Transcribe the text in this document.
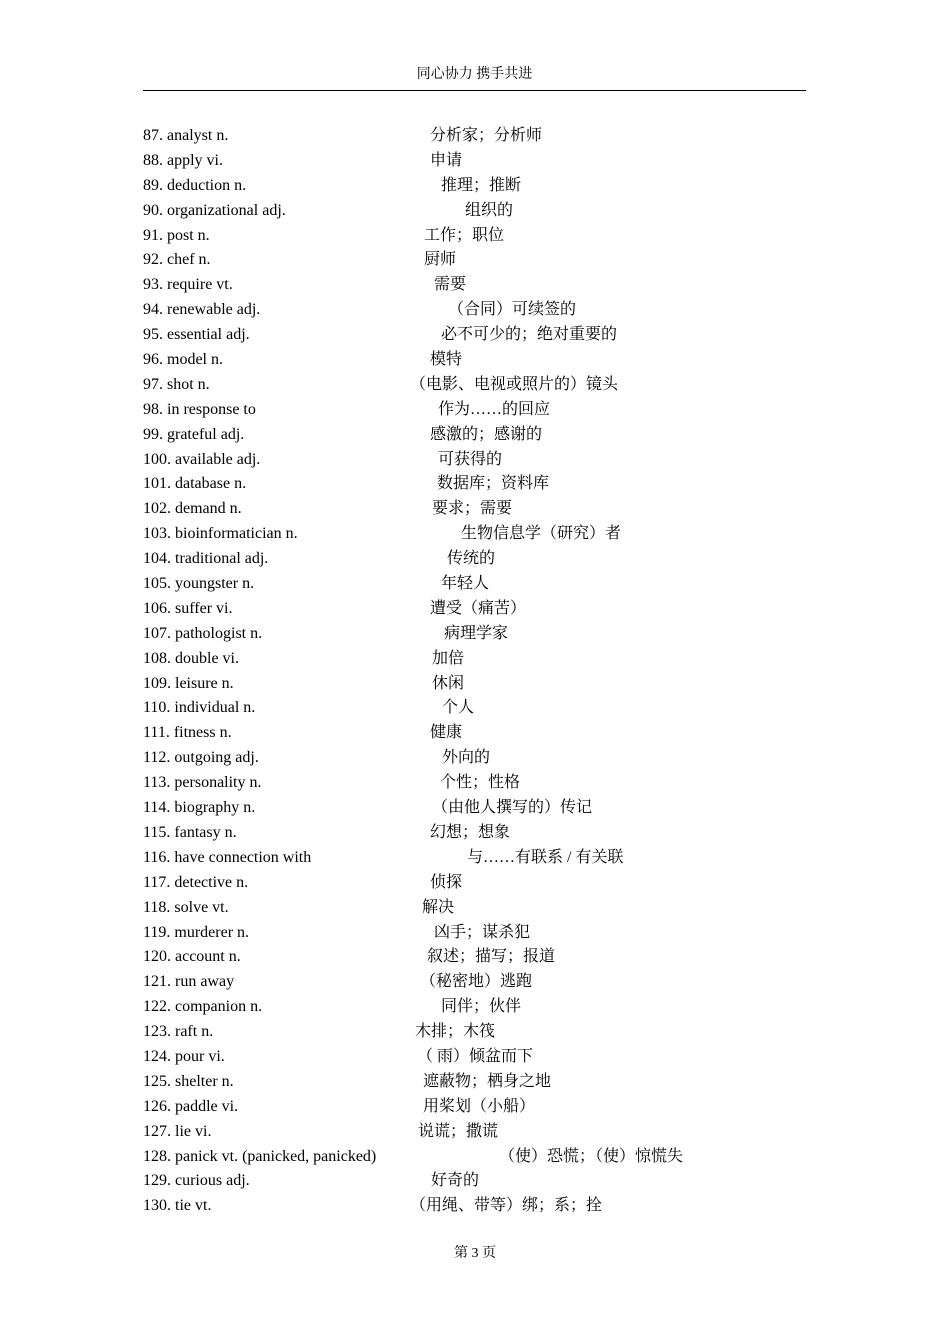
同心协力 携手共进
87. analyst n.	分析家；分析师
88. apply vi.	申请
89. deduction n.	推理；推断
90. organizational adj.	组织的
91. post n.	工作；职位
92. chef n.	厨师
93. require vt.	需要
94. renewable adj.	（合同）可续签的
95. essential adj.	必不可少的；绝对重要的
96. model n.	模特
97. shot n.	（电影、电视或照片的）镜头
98. in response to	作为……的回应
99. grateful adj.	感激的；感谢的
100. available adj.	可获得的
101. database n.	数据库；资料库
102. demand n.	要求；需要
103. bioinformatician n.	生物信息学（研究）者
104. traditional adj.	传统的
105. youngster n.	年轻人
106. suffer vi.	遭受（痛苦）
107. pathologist n.	病理学家
108. double vi.	加倍
109. leisure n.	休闲
110. individual n.	个人
111. fitness n.	健康
112. outgoing adj.	外向的
113. personality n.	个性；性格
114. biography n.	（由他人撰写的）传记
115. fantasy n.	幻想；想象
116. have connection with	与……有联系 / 有关联
117. detective n.	侦探
118. solve vt.	解决
119. murderer n.	凶手；谋杀犯
120. account n.	叙述；描写；报道
121. run away	（秘密地）逃跑
122. companion n.	同伴；伙伴
123. raft n.	木排；木筏
124. pour vi.	（ 雨）倾盆而下
125. shelter n.	遮蔽物；栖身之地
126. paddle vi.	用桨划（小船）
127. lie vi.	说谎；撒谎
128. panick vt. (panicked, panicked)	（使）恐慌；（使）惊慌失
129. curious adj.	好奇的
130. tie vt.	（用绳、带等）绑；系；拴
第 3 页
